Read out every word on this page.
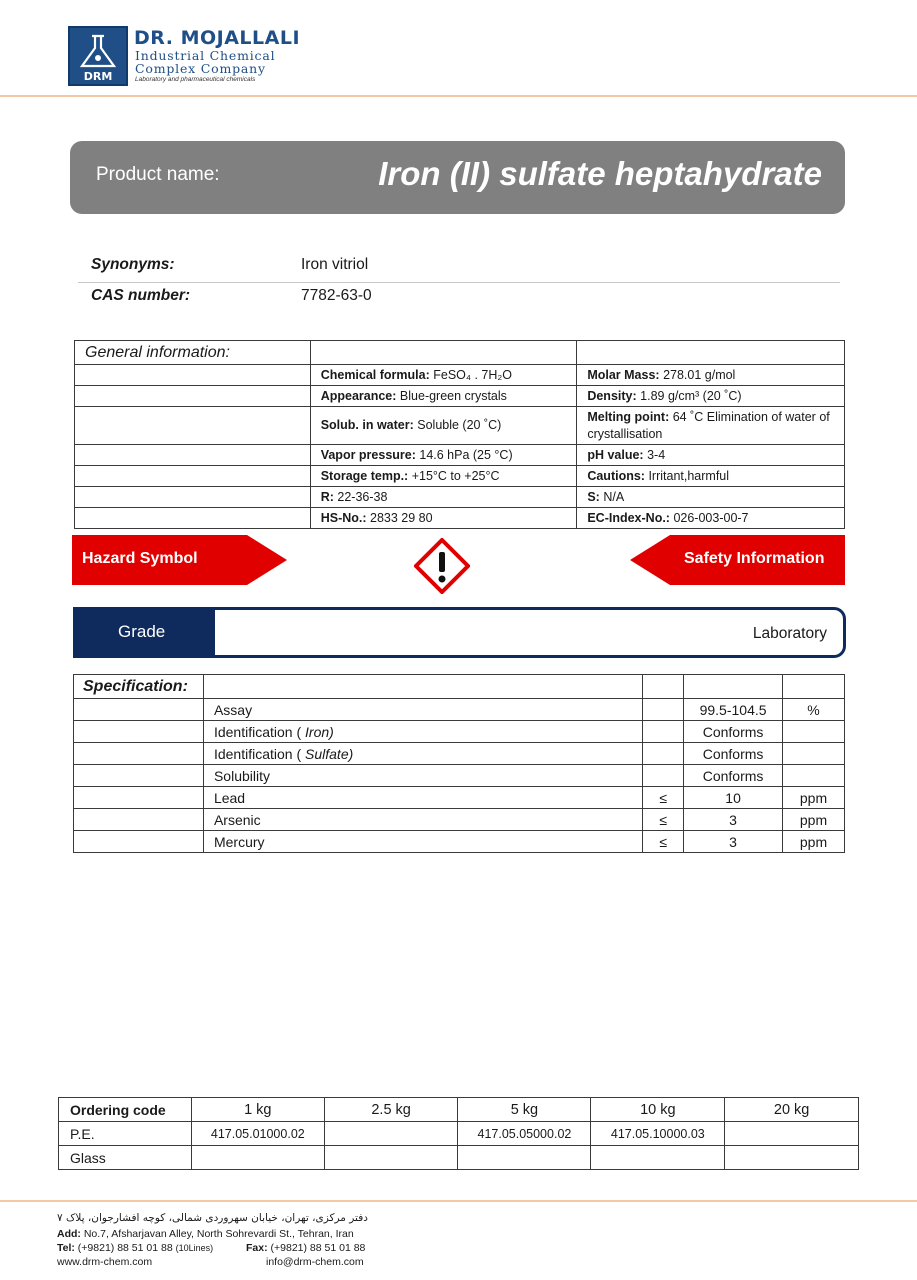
DRM
DR. MOJALLALI
Industrial Chemical
Complex Company
Laboratory and pharmaceutical chemicals
Product name:	Iron (II) sulfate heptahydrate
Synonyms:	Iron vitriol
CAS number:	7782-63-0
General information:		
	Chemical formula: FeSO₄ . 7H₂O	Molar Mass: 278.01 g/mol
	Appearance: Blue-green crystals	Density: 1.89 g/cm³ (20 ˚C)
	Solub. in water: Soluble (20 ˚C)	Melting point: 64 ˚C Elimination of water of crystallisation
	Vapor pressure: 14.6 hPa (25 °C)	pH value: 3-4
	Storage temp.: +15°C to +25°C	Cautions: Irritant,harmful
	R: 22-36-38	S: N/A
	HS-No.: 2833 29 80	EC-Index-No.: 026-003-00-7
Hazard Symbol	Safety Information
Grade	Laboratory
Specification:				
	Assay		99.5-104.5	%
	Identification ( Iron)		Conforms	
	Identification ( Sulfate)		Conforms	
	Solubility		Conforms	
	Lead	≤	10	ppm
	Arsenic	≤	3	ppm
	Mercury	≤	3	ppm
Ordering code	1 kg	2.5 kg	5 kg	10 kg	20 kg
P.E.	417.05.01000.02		417.05.05000.02	417.05.10000.03	
Glass					
دفتر مرکزی، تهران، خیابان سهروردی شمالی، کوچه افشارجوان، پلاک ۷
Add: No.7, Afsharjavan Alley, North Sohrevardi St., Tehran, Iran
Tel: (+9821) 88 51 01 88 (10Lines)	Fax: (+9821) 88 51 01 88
www.drm-chem.com	info@drm-chem.com
